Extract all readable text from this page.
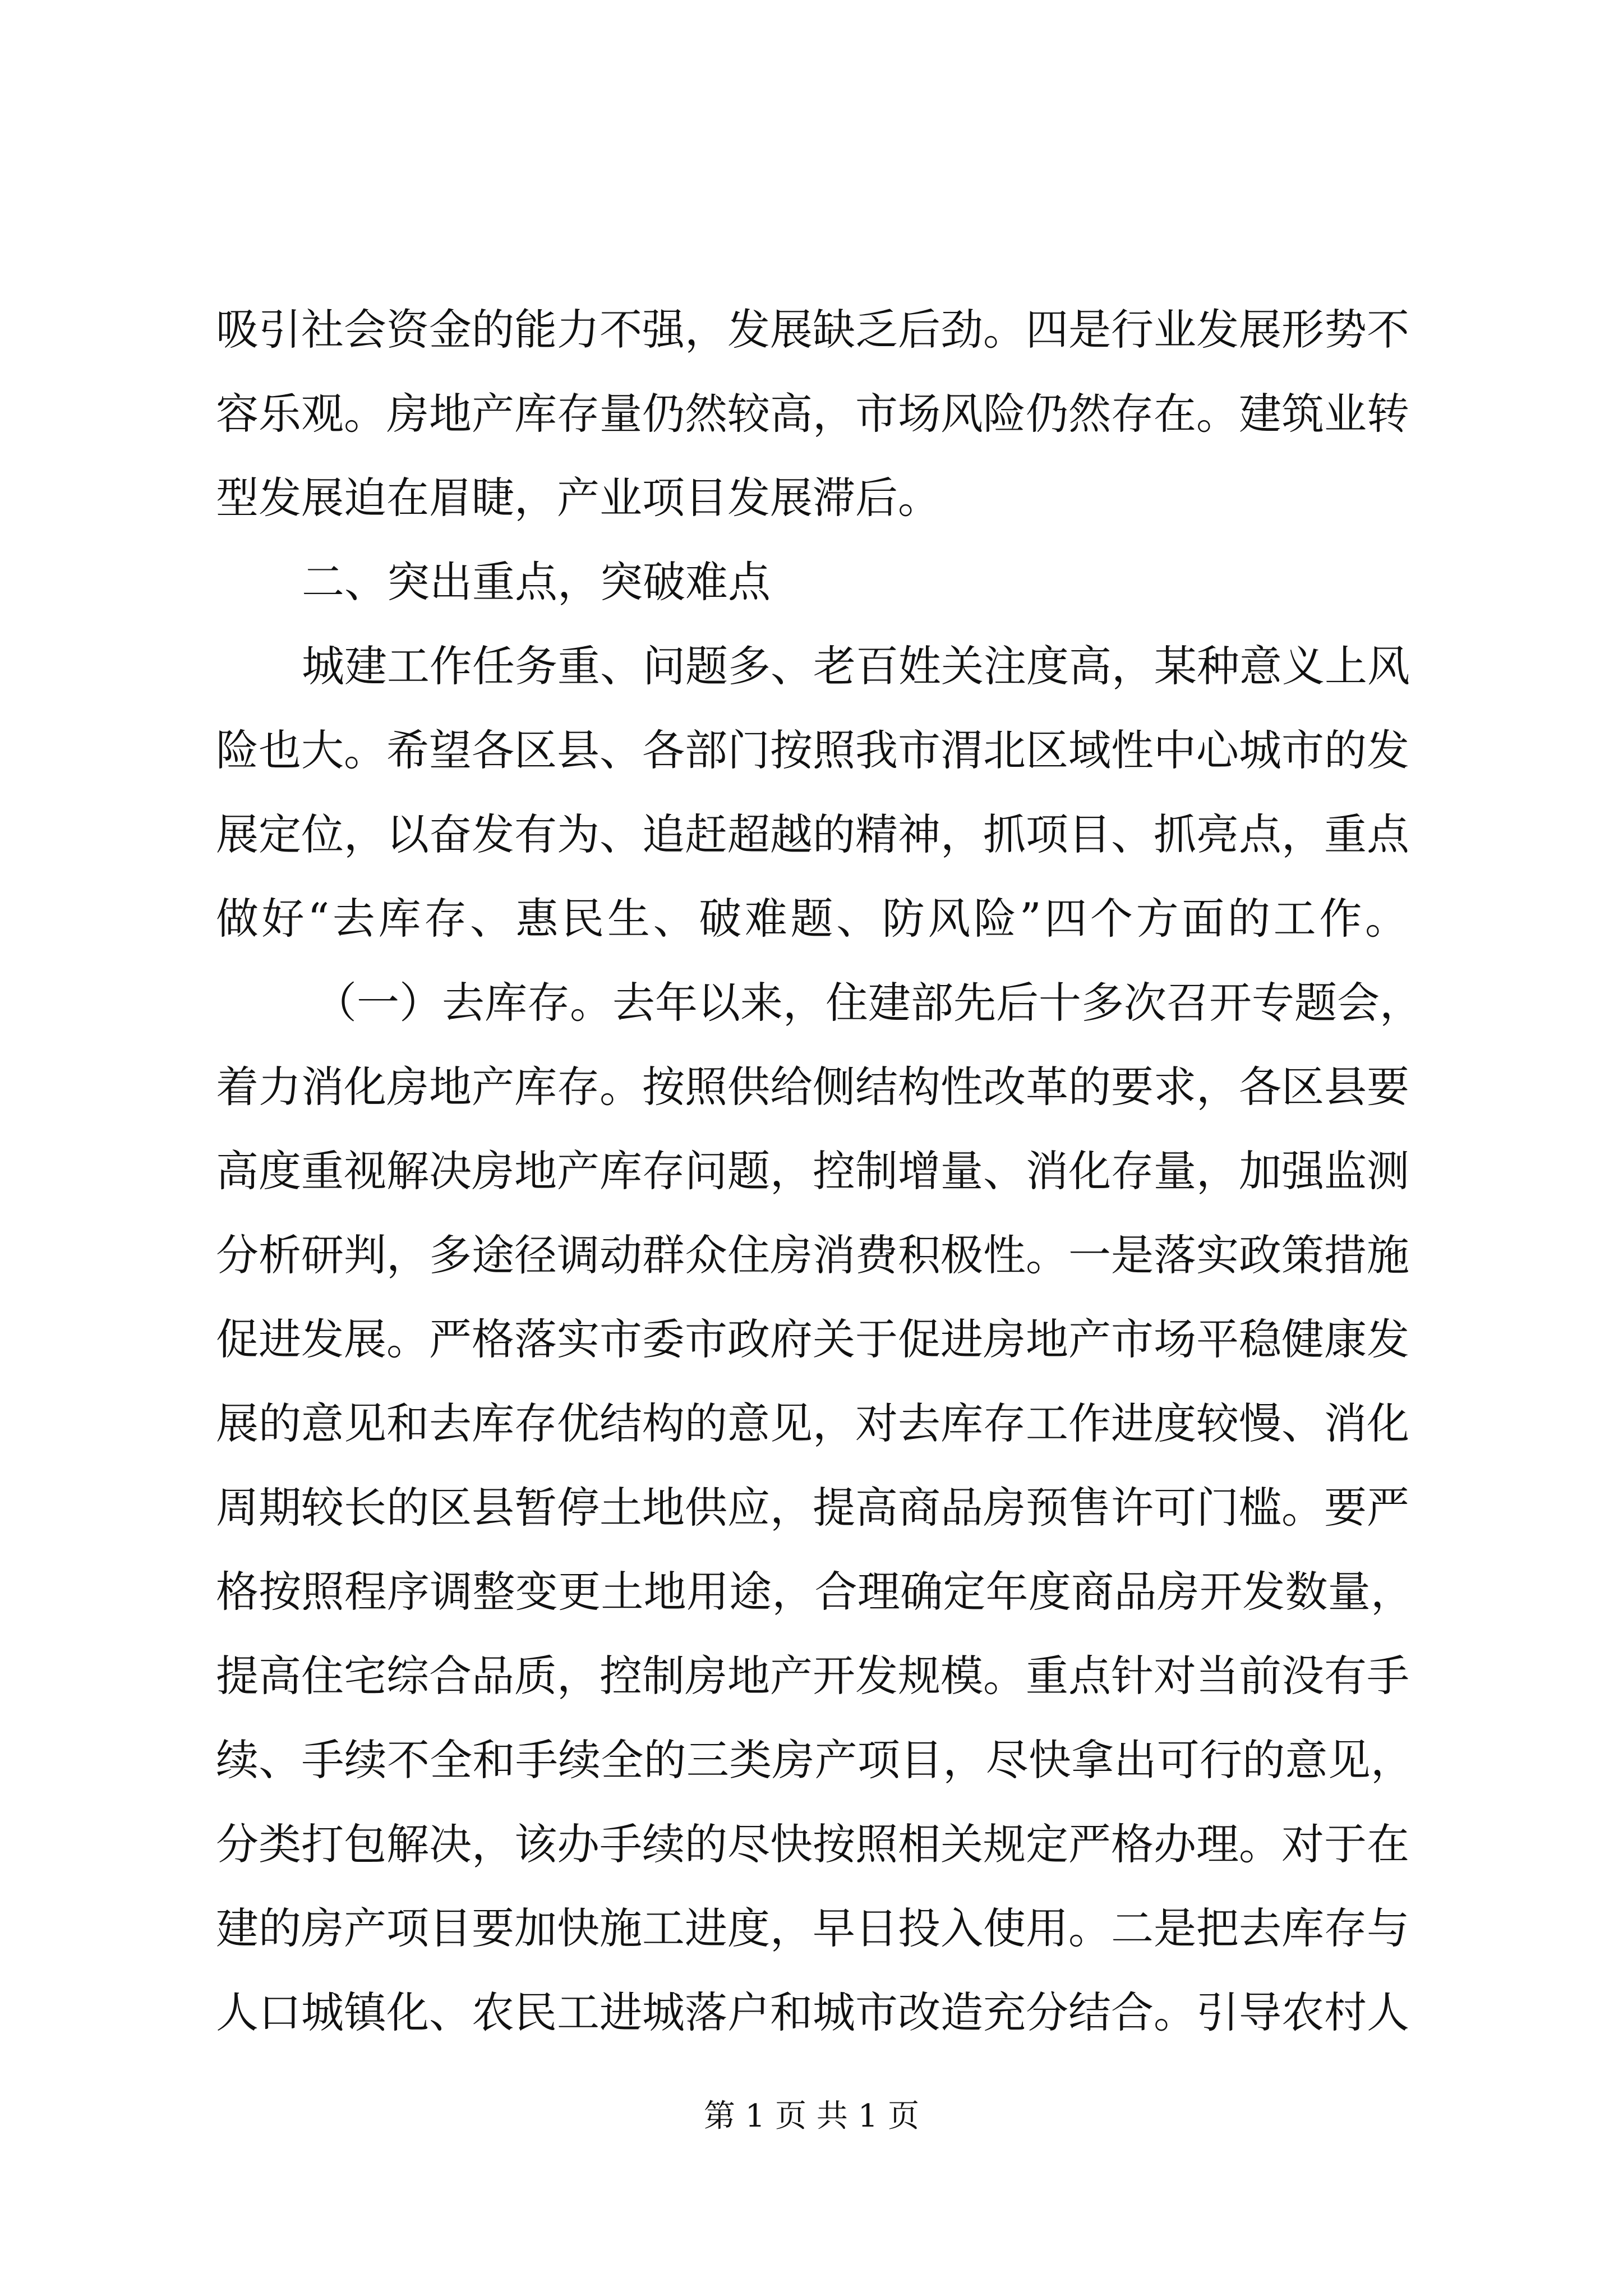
吸引社会资金的能力不强，发展缺乏后劲。四是行业发展形势不
容乐观。房地产库存量仍然较高，市场风险仍然存在。建筑业转
型发展迫在眉睫，产业项目发展滞后。
二、突出重点，突破难点
城建工作任务重、问题多、老百姓关注度高，某种意义上风
险也大。希望各区县、各部门按照我市渭北区域性中心城市的发
展定位，以奋发有为、追赶超越的精神，抓项目、抓亮点，重点
做好“去库存、惠民生、破难题、防风险”四个方面的工作。
（一）去库存。去年以来，住建部先后十多次召开专题会，
着力消化房地产库存。按照供给侧结构性改革的要求，各区县要
高度重视解决房地产库存问题，控制增量、消化存量，加强监测
分析研判，多途径调动群众住房消费积极性。一是落实政策措施
促进发展。严格落实市委市政府关于促进房地产市场平稳健康发
展的意见和去库存优结构的意见，对去库存工作进度较慢、消化
周期较长的区县暂停土地供应，提高商品房预售许可门槛。要严
格按照程序调整变更土地用途，合理确定年度商品房开发数量，
提高住宅综合品质，控制房地产开发规模。重点针对当前没有手
续、手续不全和手续全的三类房产项目，尽快拿出可行的意见，
分类打包解决，该办手续的尽快按照相关规定严格办理。对于在
建的房产项目要加快施工进度，早日投入使用。二是把去库存与
人口城镇化、农民工进城落户和城市改造充分结合。引导农村人
第 1 页 共 1 页
